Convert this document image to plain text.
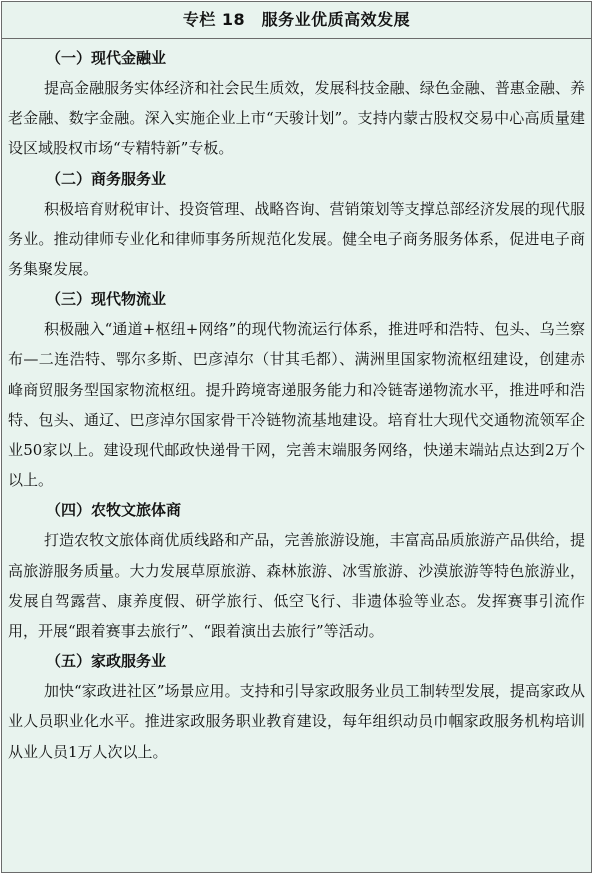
专栏 18　服务业优质高效发展
（一）现代金融业

提高金融服务实体经济和社会民生质效，发展科技金融、绿色金融、普惠金融、养老金融、数字金融。深入实施企业上市“天骏计划”。支持内蒙古股权交易中心高质量建设区域股权市场“专精特新”专板。

（二）商务服务业

积极培育财税审计、投资管理、战略咨询、营销策划等支撑总部经济发展的现代服务业。推动律师专业化和律师事务所规范化发展。健全电子商务服务体系，促进电子商务集聚发展。

（三）现代物流业

积极融入“通道+枢纽+网络”的现代物流运行体系，推进呼和浩特、包头、乌兰察布—二连浩特、鄂尔多斯、巴彦淖尔（甘其毛都）、满洲里国家物流枢纽建设，创建赤峰商贸服务型国家物流枢纽。提升跨境寄递服务能力和冷链寄递物流水平，推进呼和浩特、包头、通辽、巴彦淖尔国家骨干冷链物流基地建设。培育壮大现代交通物流领军企业50家以上。建设现代邮政快递骨干网，完善末端服务网络，快递末端站点达到2万个以上。

（四）农牧文旅体商

打造农牧文旅体商优质线路和产品，完善旅游设施，丰富高品质旅游产品供给，提高旅游服务质量。大力发展草原旅游、森林旅游、冰雪旅游、沙漠旅游等特色旅游业，发展自驾露营、康养度假、研学旅行、低空飞行、非遗体验等业态。发挥赛事引流作用，开展“跟着赛事去旅行”、“跟着演出去旅行”等活动。

（五）家政服务业

加快“家政进社区”场景应用。支持和引导家政服务业员工制转型发展，提高家政从业人员职业化水平。推进家政服务职业教育建设，每年组织动员巾帼家政服务机构培训从业人员1万人次以上。
